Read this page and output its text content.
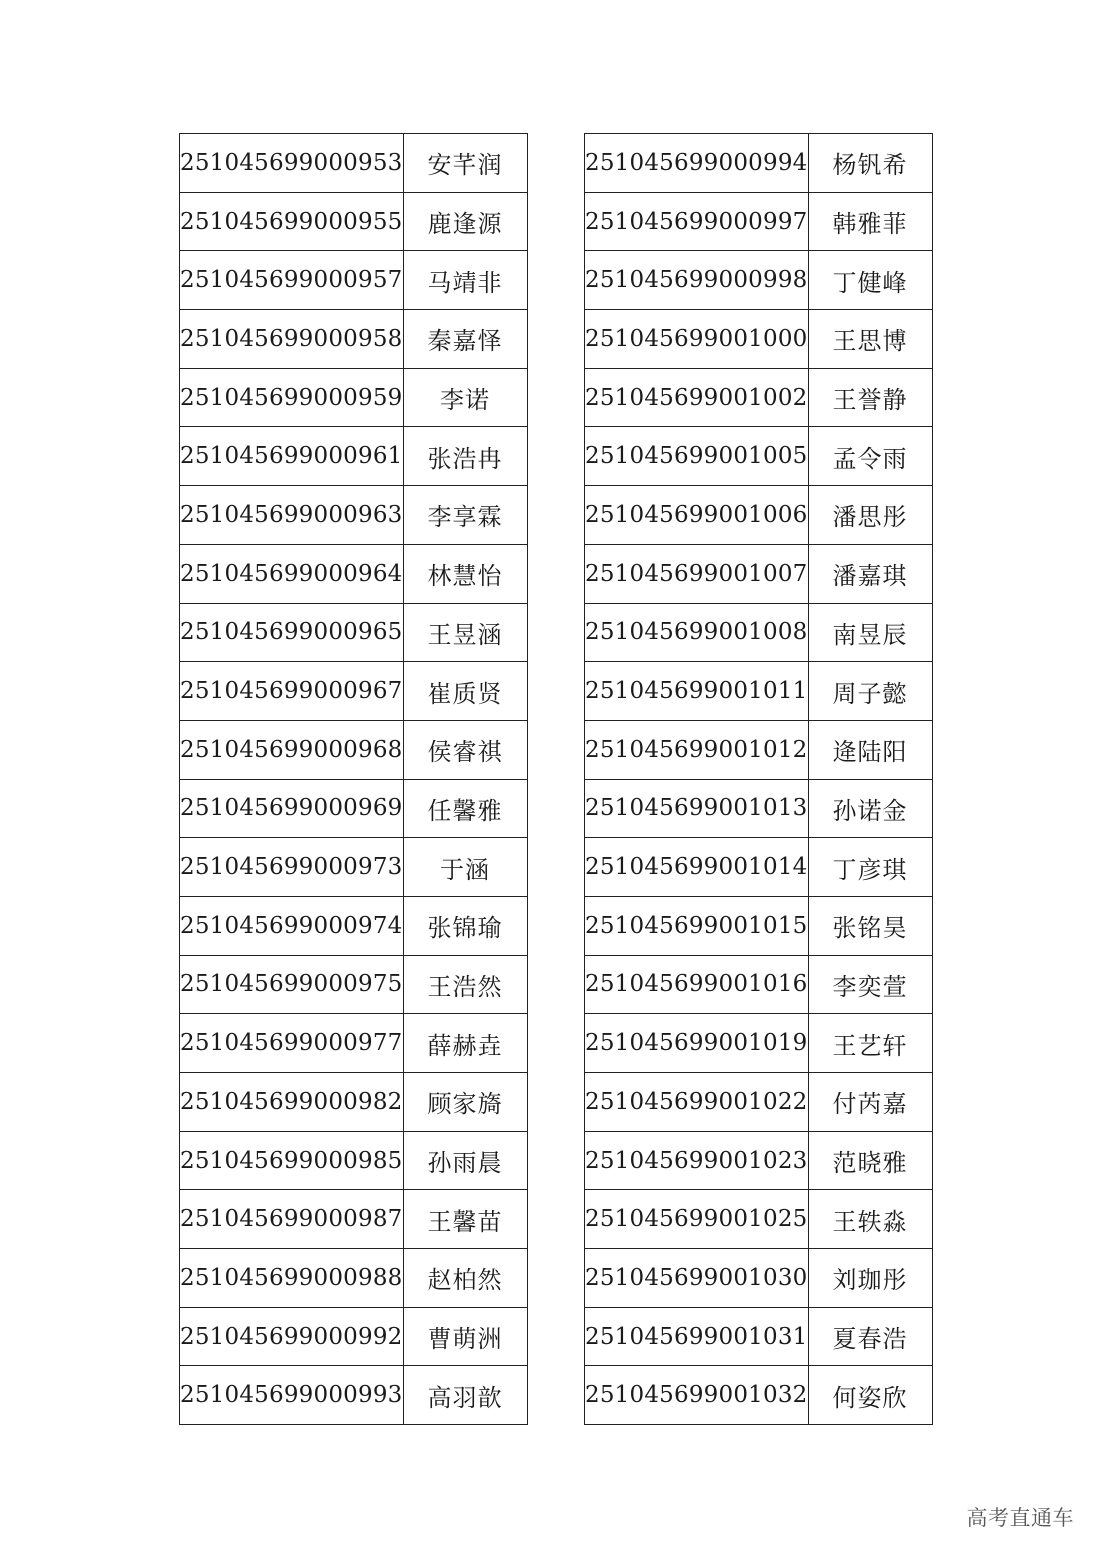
251045699000953	安芊润
251045699000955	鹿逢源
251045699000957	马靖非
251045699000958	秦嘉怿
251045699000959	李诺
251045699000961	张浩冉
251045699000963	李享霖
251045699000964	林慧怡
251045699000965	王昱涵
251045699000967	崔质贤
251045699000968	侯睿祺
251045699000969	任馨雅
251045699000973	于涵
251045699000974	张锦瑜
251045699000975	王浩然
251045699000977	薛赫垚
251045699000982	顾家旖
251045699000985	孙雨晨
251045699000987	王馨苗
251045699000988	赵柏然
251045699000992	曹萌洲
251045699000993	高羽歆
251045699000994	杨钒希
251045699000997	韩雅菲
251045699000998	丁健峰
251045699001000	王思博
251045699001002	王誉静
251045699001005	孟令雨
251045699001006	潘思彤
251045699001007	潘嘉琪
251045699001008	南昱辰
251045699001011	周子懿
251045699001012	逄陆阳
251045699001013	孙诺金
251045699001014	丁彦琪
251045699001015	张铭昊
251045699001016	李奕萱
251045699001019	王艺轩
251045699001022	付芮嘉
251045699001023	范晓雅
251045699001025	王轶淼
251045699001030	刘珈彤
251045699001031	夏春浩
251045699001032	何姿欣
高考直通车
